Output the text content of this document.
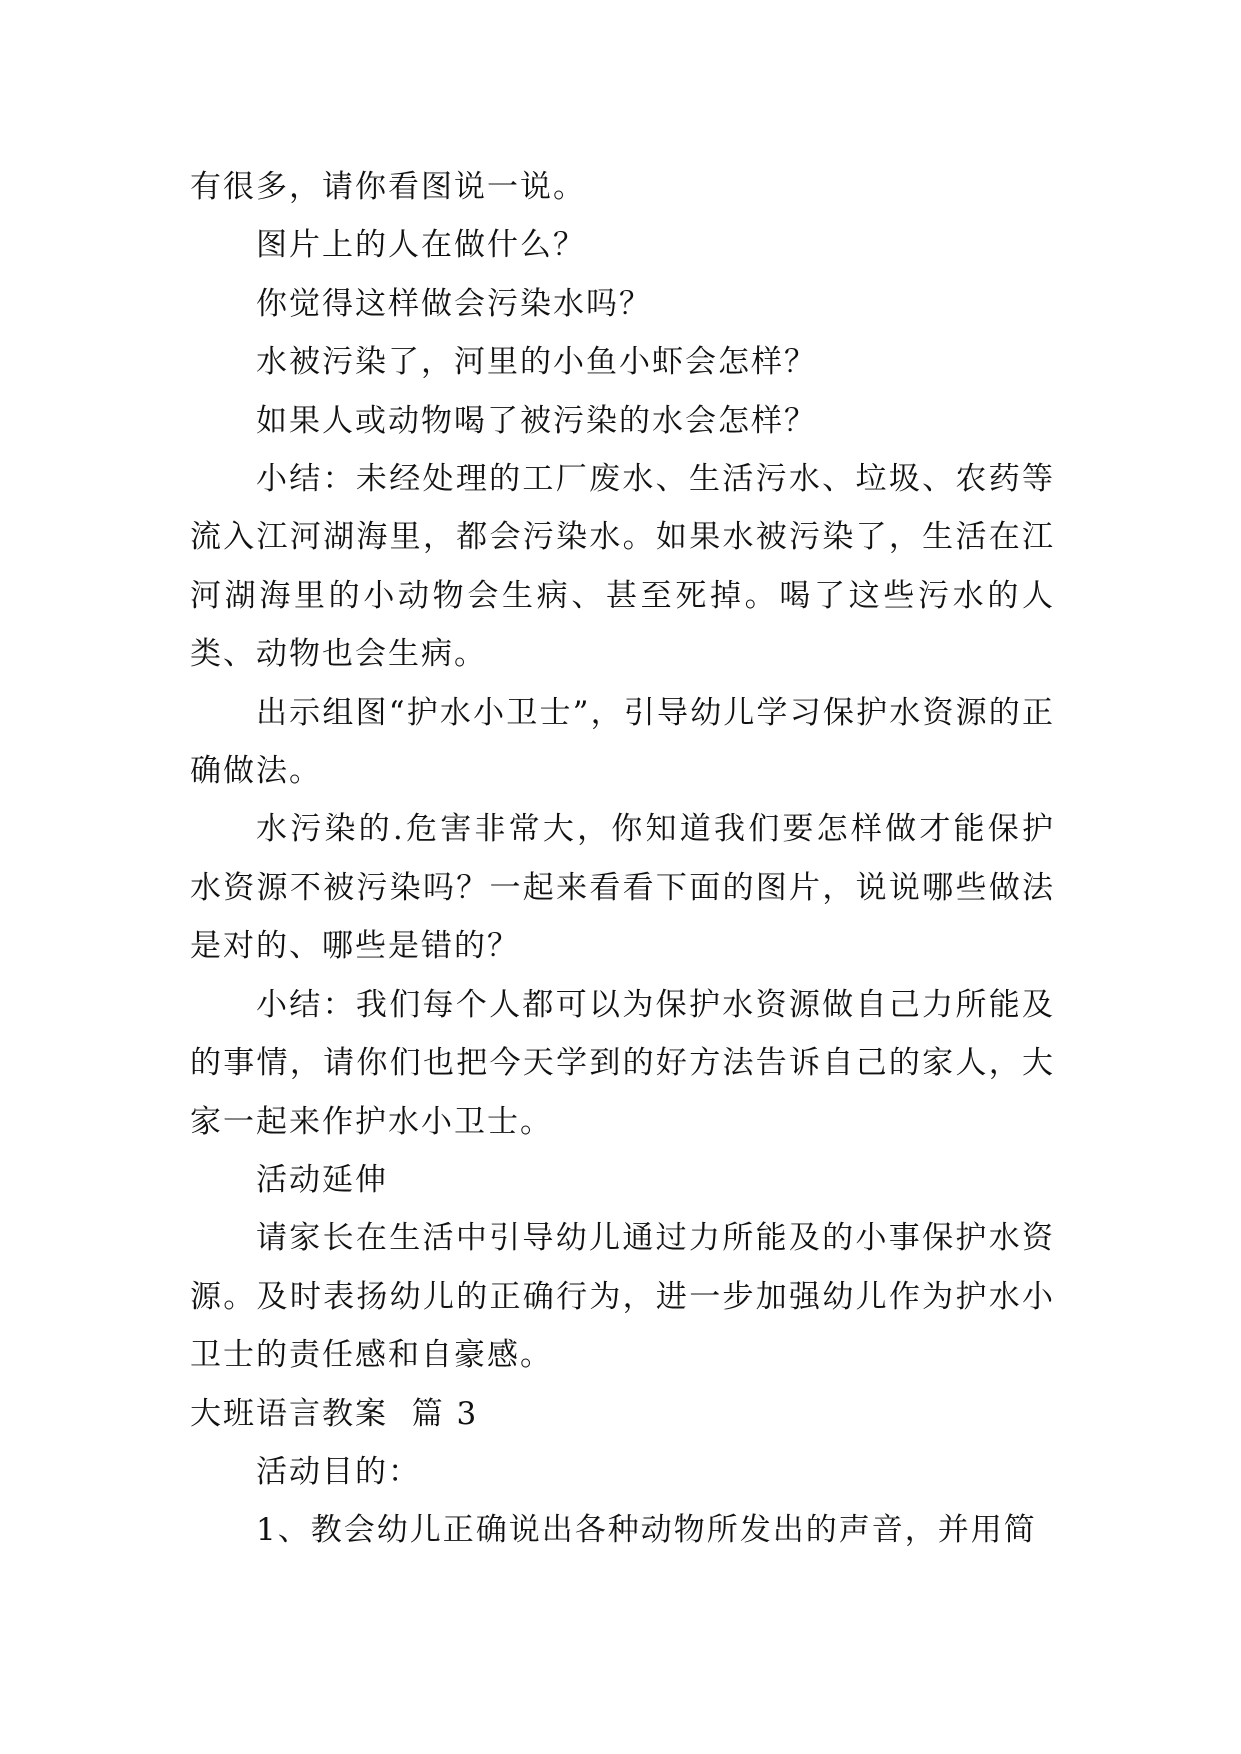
有很多，请你看图说一说。

图片上的人在做什么？

你觉得这样做会污染水吗？

水被污染了，河里的小鱼小虾会怎样？

如果人或动物喝了被污染的水会怎样？

小结：未经处理的工厂废水、生活污水、垃圾、农药等流入江河湖海里，都会污染水。如果水被污染了，生活在江河湖海里的小动物会生病、甚至死掉。喝了这些污水的人类、动物也会生病。

出示组图“护水小卫士”，引导幼儿学习保护水资源的正确做法。

水污染的.危害非常大，你知道我们要怎样做才能保护水资源不被污染吗？一起来看看下面的图片，说说哪些做法是对的、哪些是错的？

小结：我们每个人都可以为保护水资源做自己力所能及的事情，请你们也把今天学到的好方法告诉自己的家人，大家一起来作护水小卫士。

活动延伸

请家长在生活中引导幼儿通过力所能及的小事保护水资源。及时表扬幼儿的正确行为，进一步加强幼儿作为护水小卫士的责任感和自豪感。

大班语言教案  篇 3

活动目的：

1、教会幼儿正确说出各种动物所发出的声音，并用简
